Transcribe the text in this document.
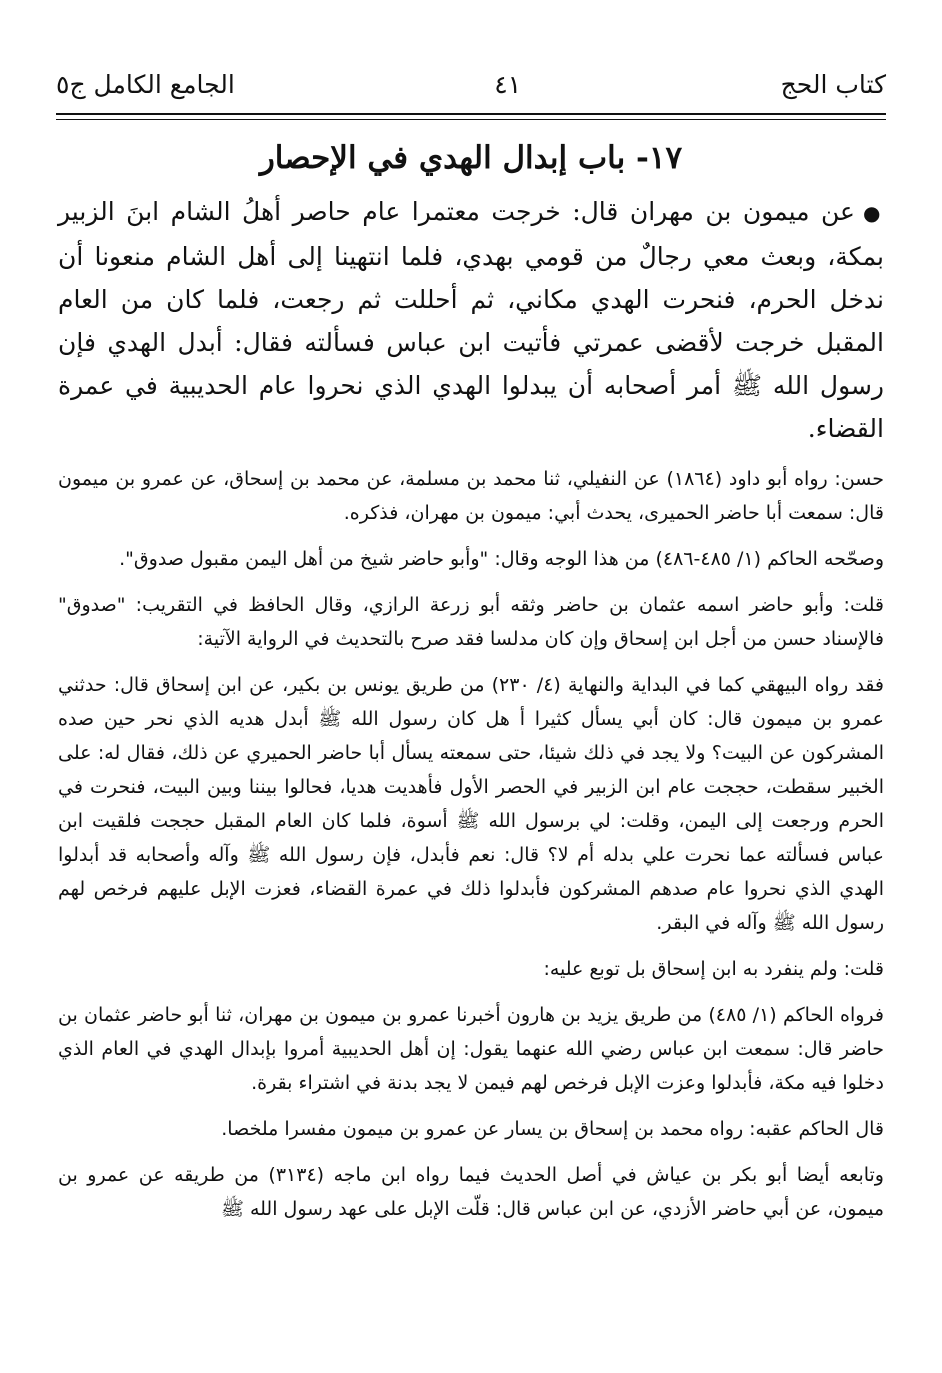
كتاب الحج
٤١
الجامع الكامل ج٥
١٧- باب إبدال الهدي في الإحصار

●عن ميمون بن مهران قال: خرجت معتمرا عام حاصر أهلُ الشام ابنَ الزبير بمكة، وبعث معي رجالٌ من قومي بهدي، فلما انتهينا إلى أهل الشام منعونا أن ندخل الحرم، فنحرت الهدي مكاني، ثم أحللت ثم رجعت، فلما كان من العام المقبل خرجت لأقضى عمرتي فأتيت ابن عباس فسألته فقال: أبدل الهدي فإن رسول الله ﷺ أمر أصحابه أن يبدلوا الهدي الذي نحروا عام الحديبية في عمرة القضاء.

حسن: رواه أبو داود (١٨٦٤) عن النفيلي، ثنا محمد بن مسلمة، عن محمد بن إسحاق، عن عمرو بن ميمون قال: سمعت أبا حاضر الحميرى، يحدث أبي: ميمون بن مهران، فذكره.

وصحّحه الحاكم (١/ ٤٨٥-٤٨٦) من هذا الوجه وقال: "وأبو حاضر شيخ من أهل اليمن مقبول صدوق".

قلت: وأبو حاضر اسمه عثمان بن حاضر وثقه أبو زرعة الرازي، وقال الحافظ في التقريب: "صدوق" فالإسناد حسن من أجل ابن إسحاق وإن كان مدلسا فقد صرح بالتحديث في الرواية الآتية:

فقد رواه البيهقي كما في البداية والنهاية (٤/ ٢٣٠) من طريق يونس بن بكير، عن ابن إسحاق قال: حدثني عمرو بن ميمون قال: كان أبي يسأل كثيرا أ هل كان رسول الله ﷺ أبدل هديه الذي نحر حين صده المشركون عن البيت؟ ولا يجد في ذلك شيئا، حتى سمعته يسأل أبا حاضر الحميري عن ذلك، فقال له: على الخبير سقطت، حججت عام ابن الزبير في الحصر الأول فأهديت هديا، فحالوا بيننا وبين البيت، فنحرت في الحرم ورجعت إلى اليمن، وقلت: لي برسول الله ﷺ أسوة، فلما كان العام المقبل حججت فلقيت ابن عباس فسألته عما نحرت علي بدله أم لا؟ قال: نعم فأبدل، فإن رسول الله ﷺ وآله وأصحابه قد أبدلوا الهدي الذي نحروا عام صدهم المشركون فأبدلوا ذلك في عمرة القضاء، فعزت الإبل عليهم فرخص لهم رسول الله ﷺ وآله في البقر.

قلت: ولم ينفرد به ابن إسحاق بل توبع عليه:

فرواه الحاكم (١/ ٤٨٥) من طريق يزيد بن هارون أخبرنا عمرو بن ميمون بن مهران، ثنا أبو حاضر عثمان بن حاضر قال: سمعت ابن عباس رضي الله عنهما يقول: إن أهل الحديبية أمروا بإبدال الهدي في العام الذي دخلوا فيه مكة، فأبدلوا وعزت الإبل فرخص لهم فيمن لا يجد بدنة في اشتراء بقرة.

قال الحاكم عقبه: رواه محمد بن إسحاق بن يسار عن عمرو بن ميمون مفسرا ملخصا.

وتابعه أيضا أبو بكر بن عياش في أصل الحديث فيما رواه ابن ماجه (٣١٣٤) من طريقه عن عمرو بن ميمون، عن أبي حاضر الأزدي، عن ابن عباس قال: قلّت الإبل على عهد رسول الله ﷺ
